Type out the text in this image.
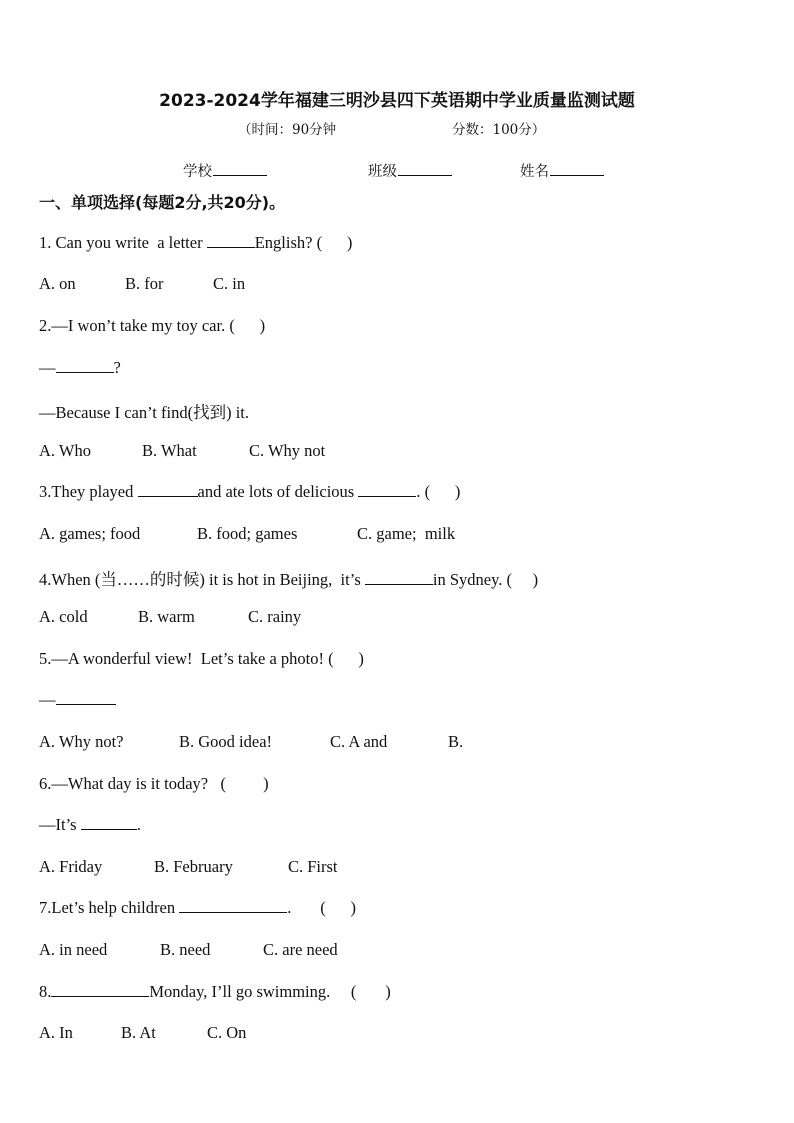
2023-2024学年福建三明沙县四下英语期中学业质量监测试题
（时间：90分钟	分数：100分）
学校	班级	姓名
一、单项选择(每题2分,共20分)。
1. Can you write  a letter	English? (      )
A. on	B. for	C. in
2.—I won’t take my toy car. (      )
—	?
—Because I can’t find(找到) it.
A. Who	B. What	C. Why not
3.They played	and ate lots of delicious	. (      )
A. games; food	B. food; games	C. game;  milk
4.When (当……的时候) it is hot in Beijing,  it’s	in Sydney. (     )
A. cold	B. warm	C. rainy
5.—A wonderful view!  Let’s take a photo! (      )
—
A. Why not?	B. Good idea!	C. A and	B.
6.—What day is it today?   (         )
—It’s	.
A. Friday	B. February	C. First
7.Let’s help children	.       (      )
A. in need	B. need	C. are need
8.	Monday, I’ll go swimming.     (       )
A. In	B. At	C. On
